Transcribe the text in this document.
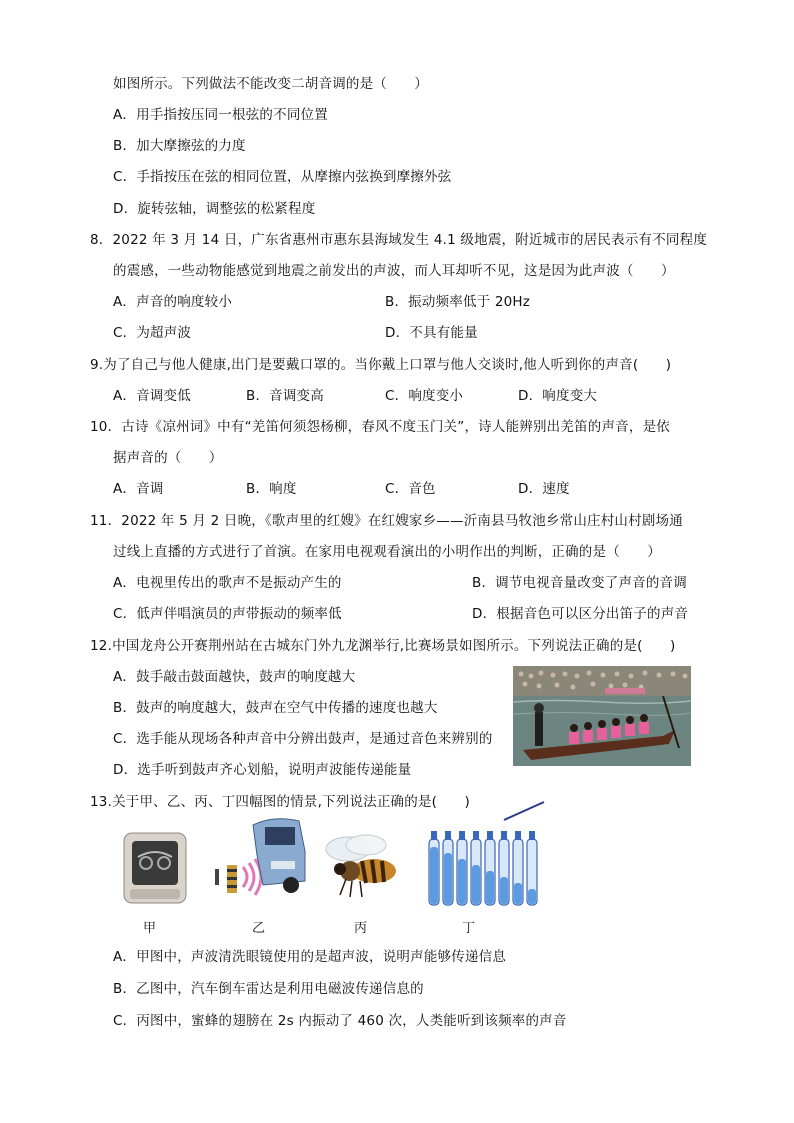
如图所示。下列做法不能改变二胡音调的是（　　）
A．用手指按压同一根弦的不同位置
B．加大摩擦弦的力度
C．手指按压在弦的相同位置，从摩擦内弦换到摩擦外弦
D．旋转弦轴，调整弦的松紧程度
8．2022 年 3 月 14 日，广东省惠州市惠东县海域发生 4.1 级地震，附近城市的居民表示有不同程度
的震感，一些动物能感觉到地震之前发出的声波，而人耳却听不见，这是因为此声波（　　）
A．声音的响度较小	B．振动频率低于 20Hz
C．为超声波	D．不具有能量
9.为了自己与他人健康,出门是要戴口罩的。当你戴上口罩与他人交谈时,他人听到你的声音(　　)
A．音调变低	B．音调变高	C．响度变小	D．响度变大
10．古诗《凉州词》中有“羌笛何须怨杨柳，春风不度玉门关”，诗人能辨别出羌笛的声音，是依
据声音的（　　）
A．音调	B．响度	C．音色	D．速度
11．2022 年 5 月 2 日晚，《歌声里的红嫂》在红嫂家乡——沂南县马牧池乡常山庄村山村剧场通
过线上直播的方式进行了首演。在家用电视观看演出的小明作出的判断，正确的是（　　）
A．电视里传出的歌声不是振动产生的	B．调节电视音量改变了声音的音调
C．低声伴唱演员的声带振动的频率低	D．根据音色可以区分出笛子的声音
12.中国龙舟公开赛荆州站在古城东门外九龙渊举行,比赛场景如图所示。下列说法正确的是(　　)
A．鼓手敲击鼓面越快，鼓声的响度越大
B．鼓声的响度越大，鼓声在空气中传播的速度也越大
C．选手能从现场各种声音中分辨出鼓声，是通过音色来辨别的
D．选手听到鼓声齐心划船，说明声波能传递能量
13.关于甲、乙、丙、丁四幅图的情景,下列说法正确的是(　　)
甲	乙	丙	丁
A．甲图中，声波清洗眼镜使用的是超声波，说明声能够传递信息
B．乙图中，汽车倒车雷达是利用电磁波传递信息的
C．丙图中，蜜蜂的翅膀在 2s 内振动了 460 次，人类能听到该频率的声音
